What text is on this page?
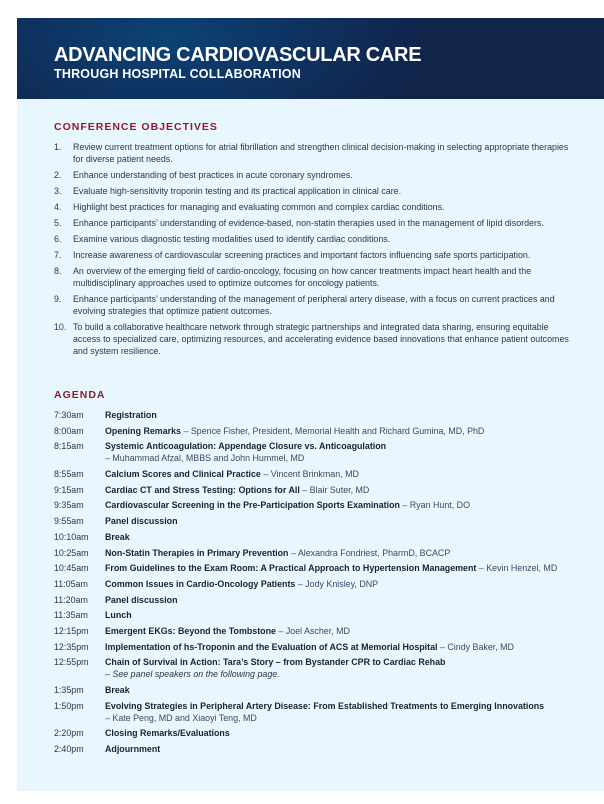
ADVANCING CARDIOVASCULAR CARE
THROUGH HOSPITAL COLLABORATION
CONFERENCE OBJECTIVES
1.	Review current treatment options for atrial fibrillation and strengthen clinical decision-making in selecting appropriate therapies for diverse patient needs.
2.	Enhance understanding of best practices in acute coronary syndromes.
3.	Evaluate high-sensitivity troponin testing and its practical application in clinical care.
4.	Highlight best practices for managing and evaluating common and complex cardiac conditions.
5.	Enhance participants’ understanding of evidence-based, non-statin therapies used in the management of lipid disorders.
6.	Examine various diagnostic testing modalities used to identify cardiac conditions.
7.	Increase awareness of cardiovascular screening practices and important factors influencing safe sports participation.
8.	An overview of the emerging field of cardio-oncology, focusing on how cancer treatments impact heart health and the multidisciplinary approaches used to optimize outcomes for oncology patients.
9.	Enhance participants’ understanding of the management of peripheral artery disease, with a focus on current practices and evolving strategies that optimize patient outcomes.
10. To build a collaborative healthcare network through strategic partnerships and integrated data sharing, ensuring equitable access to specialized care, optimizing resources, and accelerating evidence based innovations that enhance patient outcomes and system resilience.
AGENDA
7:30am	Registration
8:00am	Opening Remarks – Spence Fisher, President, Memorial Health and Richard Gumina, MD, PhD
8:15am	Systemic Anticoagulation: Appendage Closure vs. Anticoagulation
– Muhammad Afzal, MBBS and John Hummel, MD
8:55am	Calcium Scores and Clinical Practice – Vincent Brinkman, MD
9:15am	Cardiac CT and Stress Testing: Options for All – Blair Suter, MD
9:35am	Cardiovascular Screening in the Pre-Participation Sports Examination – Ryan Hunt, DO
9:55am	Panel discussion
10:10am	Break
10:25am	Non-Statin Therapies in Primary Prevention – Alexandra Fondriest, PharmD, BCACP
10:45am	From Guidelines to the Exam Room: A Practical Approach to Hypertension Management – Kevin Henzel, MD
11:05am	Common Issues in Cardio-Oncology Patients – Jody Knisley, DNP
11:20am	Panel discussion
11:35am	Lunch
12:15pm	Emergent EKGs: Beyond the Tombstone – Joel Ascher, MD
12:35pm	Implementation of hs-Troponin and the Evaluation of ACS at Memorial Hospital – Cindy Baker, MD
12:55pm	Chain of Survival in Action: Tara’s Story – from Bystander CPR to Cardiac Rehab
– See panel speakers on the following page.
1:35pm	Break
1:50pm	Evolving Strategies in Peripheral Artery Disease: From Established Treatments to Emerging Innovations
– Kate Peng, MD and Xiaoyi Teng, MD
2:20pm	Closing Remarks/Evaluations
2:40pm	Adjournment
